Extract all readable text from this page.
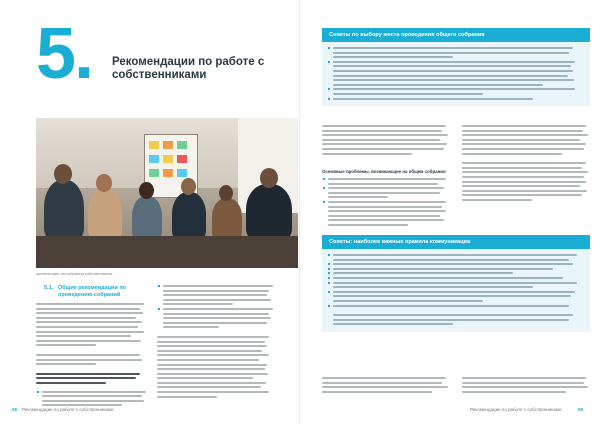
5. Рекомендации по работе с собственниками
презентация на собрании собственников
5.1. Общие рекомендации по проведению собраний
58 Рекомендации по работе с собственниками	Рекомендации по работе с собственниками	59
Советы по выбору места проведения общего собрания
Основные проблемы, возникающие на общем собрании
Советы: наиболее важные правила коммуникации
